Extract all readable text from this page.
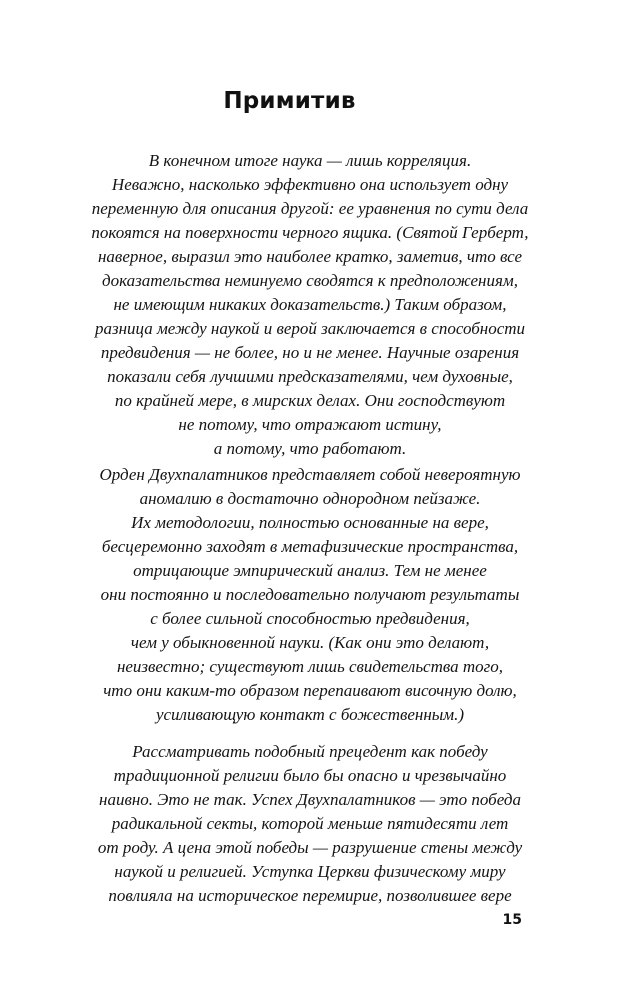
Примитив
В конечном итоге наука — лишь корреляция.
Неважно, насколько эффективно она использует одну
переменную для описания другой: ее уравнения по сути дела
покоятся на поверхности черного ящика. (Святой Герберт,
наверное, выразил это наиболее кратко, заметив, что все
доказательства неминуемо сводятся к предположениям,
не имеющим никаких доказательств.) Таким образом,
разница между наукой и верой заключается в способности
предвидения — не более, но и не менее. Научные озарения
показали себя лучшими предсказателями, чем духовные,
по крайней мере, в мирских делах. Они господствуют
не потому, что отражают истину,
а потому, что работают.
Орден Двухпалатников представляет собой невероятную
аномалию в достаточно однородном пейзаже.
Их методологии, полностью основанные на вере,
бесцеремонно заходят в метафизические пространства,
отрицающие эмпирический анализ. Тем не менее
они постоянно и последовательно получают результаты
с более сильной способностью предвидения,
чем у обыкновенной науки. (Как они это делают,
неизвестно; существуют лишь свидетельства того,
что они каким-то образом перепаивают височную долю,
усиливающую контакт с божественным.)
Рассматривать подобный прецедент как победу
традиционной религии было бы опасно и чрезвычайно
наивно. Это не так. Успех Двухпалатников — это победа
радикальной секты, которой меньше пятидесяти лет
от роду. А цена этой победы — разрушение стены между
наукой и религией. Уступка Церкви физическому миру
повлияла на историческое перемирие, позволившее вере
15
